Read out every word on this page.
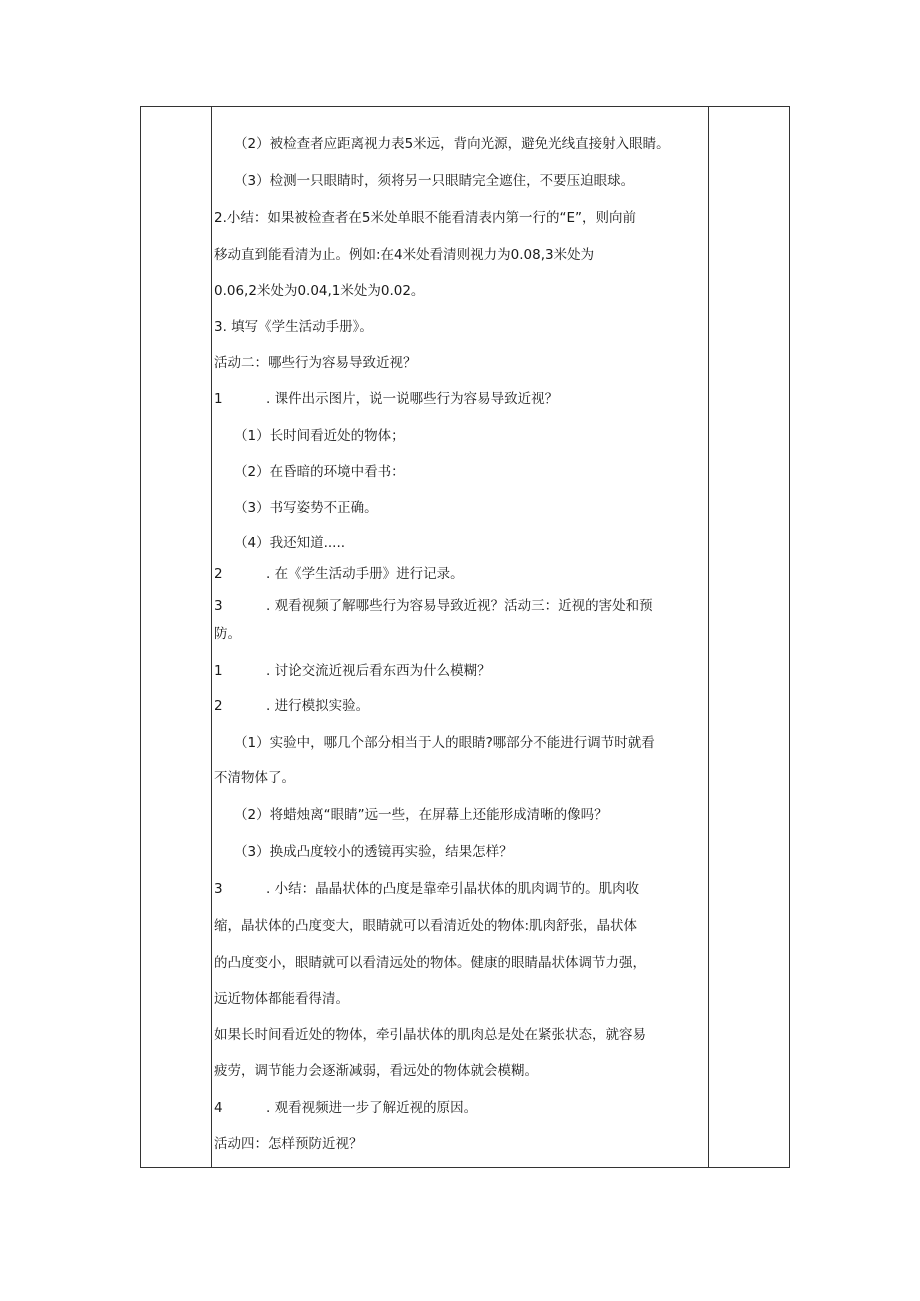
（2）被检查者应距离视力表5米远，背向光源，避免光线直接射入眼睛。
（3）检测一只眼睛时，须将另一只眼睛完全遮住，不要压迫眼球。
2.小结：如果被检查者在5米处单眼不能看清表内第一行的“E”，则向前
移动直到能看清为止。例如:在4米处看清则视力为0.08,3米处为
0.06,2米处为0.04,1米处为0.02。
3. 填写《学生活动手册》。
活动二：哪些行为容易导致近视？
1	. 课件出示图片，说一说哪些行为容易导致近视？
（1）长时间看近处的物体；
（2）在昏暗的环境中看书：
（3）书写姿势不正确。
（4）我还知道.....
2	. 在《学生活动手册》进行记录。
3	. 观看视频了解哪些行为容易导致近视？活动三：近视的害处和预
防。
1	. 讨论交流近视后看东西为什么模糊？
2	. 进行模拟实验。
（1）实验中，哪几个部分相当于人的眼睛?哪部分不能进行调节时就看
不清物体了。
（2）将蜡烛离“眼睛”远一些，在屏幕上还能形成清晰的像吗？
（3）换成凸度较小的透镜再实验，结果怎样？
3	. 小结：晶晶状体的凸度是靠牵引晶状体的肌肉调节的。肌肉收
缩，晶状体的凸度变大，眼睛就可以看清近处的物体:肌肉舒张，晶状体
的凸度变小，眼睛就可以看清远处的物体。健康的眼睛晶状体调节力强，
远近物体都能看得清。
如果长时间看近处的物体，牵引晶状体的肌肉总是处在紧张状态，就容易
疲劳，调节能力会逐渐减弱，看远处的物体就会模糊。
4	. 观看视频进一步了解近视的原因。
活动四：怎样预防近视？
